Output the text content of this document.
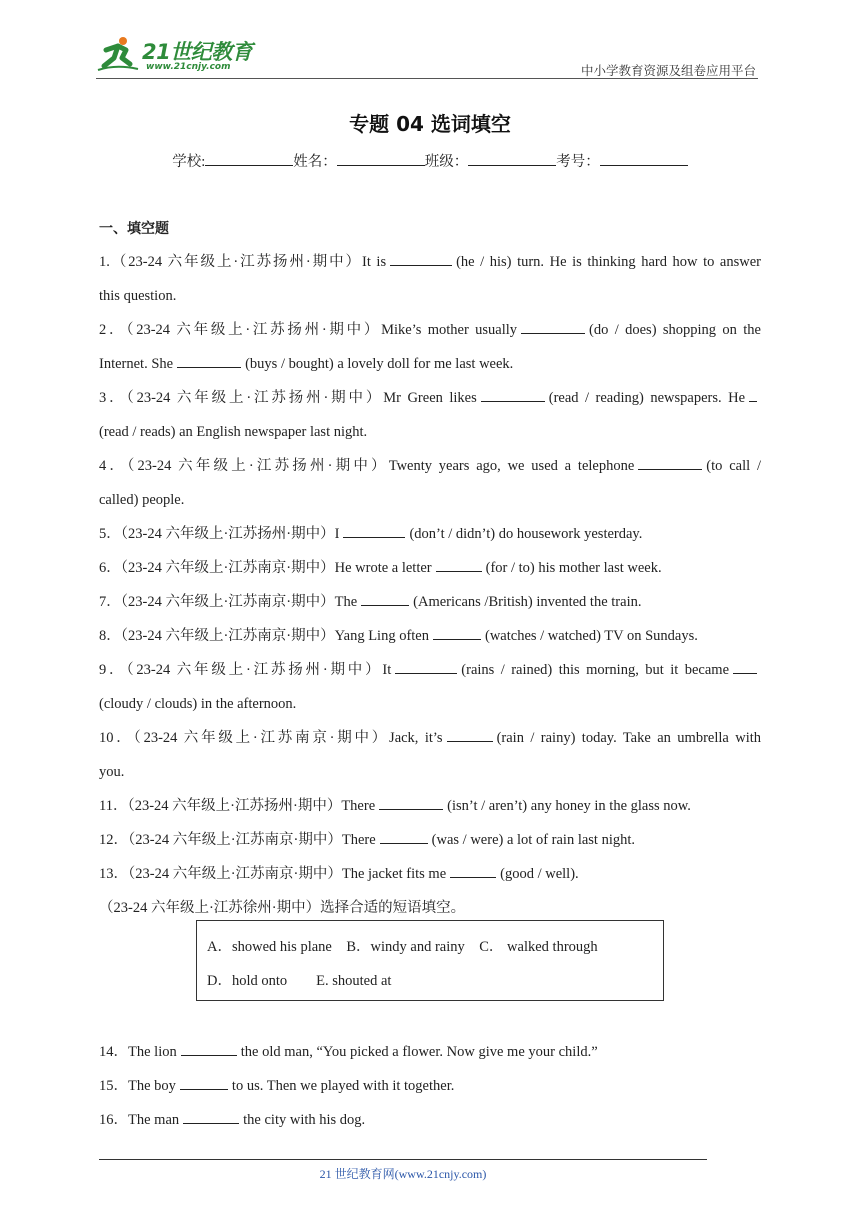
21世纪教育
www.21cnjy.com	中小学教育资源及组卷应用平台
专题 04 选词填空
学校:	姓名：	班级：	考号：
一、填空题
1.（23-24 六年级上·江苏扬州·期中）It is	(he / his) turn. He is thinking hard how to answer
this question.
2．（23-24 六年级上·江苏扬州·期中）Mike’s mother usually	(do / does) shopping on the
Internet. She	(buys / bought) a lovely doll for me last week.
3．（23-24 六年级上·江苏扬州·期中）Mr Green likes	(read / reading) newspapers. He
(read / reads) an English newspaper last night.
4．（23-24 六年级上·江苏扬州·期中）Twenty years ago, we used a telephone	(to call /
called) people.
5．（23-24 六年级上·江苏扬州·期中）I	(don’t / didn’t) do housework yesterday.
6．（23-24 六年级上·江苏南京·期中）He wrote a letter	(for / to) his mother last week.
7．（23-24 六年级上·江苏南京·期中）The	(Americans /British) invented the train.
8．（23-24 六年级上·江苏南京·期中）Yang Ling often	(watches / watched) TV on Sundays.
9．（23-24 六年级上·江苏扬州·期中）It	(rains / rained) this morning, but it became
(cloudy / clouds) in the afternoon.
10．（23-24 六年级上·江苏南京·期中）Jack, it’s	(rain / rainy) today. Take an umbrella with
you.
11．（23-24 六年级上·江苏扬州·期中）There	(isn’t / aren’t) any honey in the glass now.
12．（23-24 六年级上·江苏南京·期中）There	(was / were) a lot of rain last night.
13．（23-24 六年级上·江苏南京·期中）The jacket fits me	(good / well).
（23-24 六年级上·江苏徐州·期中）选择合适的短语填空。
A．showed his plane B．windy and rainy C． walked through
D．hold onto E. shouted at
14．The lion	the old man, “You picked a flower. Now give me your child.”
15．The boy	to us. Then we played with it together.
16．The man	the city with his dog.
21 世纪教育网(www.21cnjy.com)
